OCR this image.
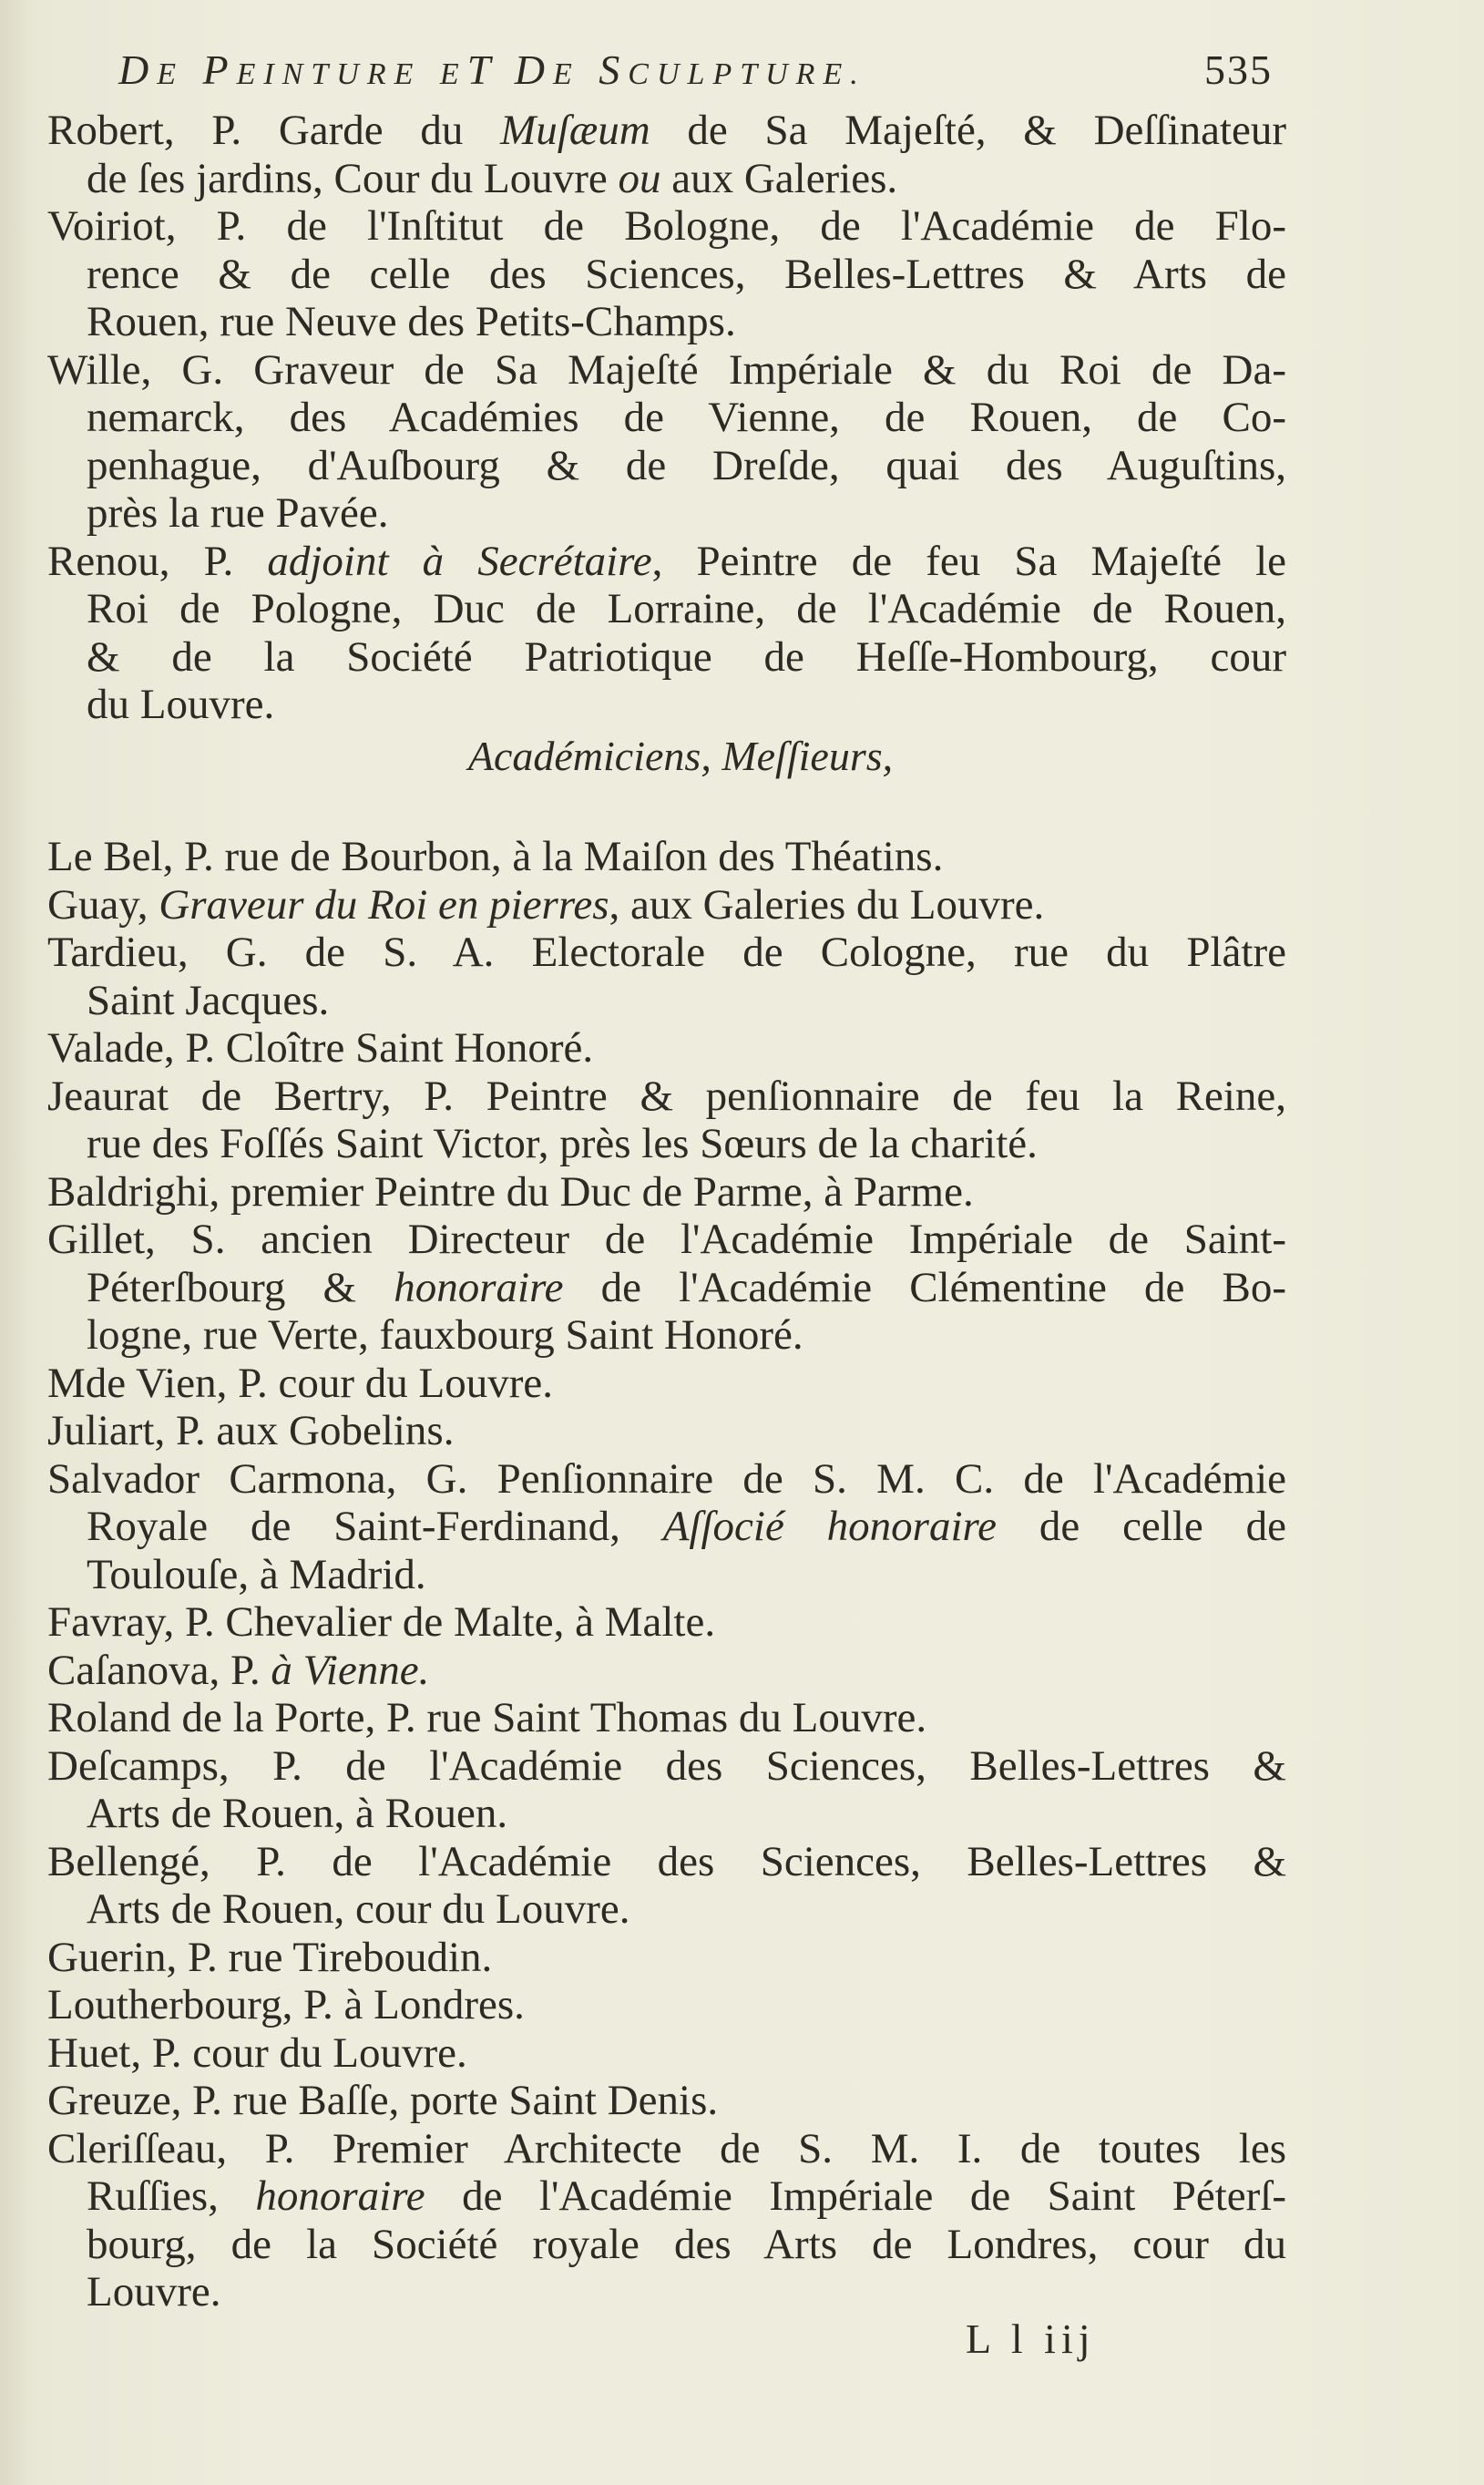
DE PEINTURE ET DE SCULPTURE.	535
Robert, P. Garde du Muſæum de Sa Majeſté, & Deſſinateur
de ſes jardins, Cour du Louvre ou aux Galeries.
Voiriot, P. de l'Inſtitut de Bologne, de l'Académie de Flo-
rence & de celle des Sciences, Belles-Lettres & Arts de
Rouen, rue Neuve des Petits-Champs.
Wille, G. Graveur de Sa Majeſté Impériale & du Roi de Da-
nemarck, des Académies de Vienne, de Rouen, de Co-
penhague, d'Auſbourg & de Dreſde, quai des Auguſtins,
près la rue Pavée.
Renou, P. adjoint à Secrétaire, Peintre de feu Sa Majeſté le
Roi de Pologne, Duc de Lorraine, de l'Académie de Rouen,
& de la Société Patriotique de Heſſe-Hombourg, cour
du Louvre.
Académiciens, Meſſieurs,
Le Bel, P. rue de Bourbon, à la Maiſon des Théatins.
Guay, Graveur du Roi en pierres, aux Galeries du Louvre.
Tardieu, G. de S. A. Electorale de Cologne, rue du Plâtre
Saint Jacques.
Valade, P. Cloître Saint Honoré.
Jeaurat de Bertry, P. Peintre & penſionnaire de feu la Reine,
rue des Foſſés Saint Victor, près les Sœurs de la charité.
Baldrighi, premier Peintre du Duc de Parme, à Parme.
Gillet, S. ancien Directeur de l'Académie Impériale de Saint-
Péterſbourg & honoraire de l'Académie Clémentine de Bo-
logne, rue Verte, fauxbourg Saint Honoré.
Mde Vien, P. cour du Louvre.
Juliart, P. aux Gobelins.
Salvador Carmona, G. Penſionnaire de S. M. C. de l'Académie
Royale de Saint-Ferdinand, Aſſocié honoraire de celle de
Toulouſe, à Madrid.
Favray, P. Chevalier de Malte, à Malte.
Caſanova, P. à Vienne.
Roland de la Porte, P. rue Saint Thomas du Louvre.
Deſcamps, P. de l'Académie des Sciences, Belles-Lettres &
Arts de Rouen, à Rouen.
Bellengé, P. de l'Académie des Sciences, Belles-Lettres &
Arts de Rouen, cour du Louvre.
Guerin, P. rue Tireboudin.
Loutherbourg, P. à Londres.
Huet, P. cour du Louvre.
Greuze, P. rue Baſſe, porte Saint Denis.
Cleriſſeau, P. Premier Architecte de S. M. I. de toutes les
Ruſſies, honoraire de l'Académie Impériale de Saint Péterſ-
bourg, de la Société royale des Arts de Londres, cour du
Louvre.
L l iij
